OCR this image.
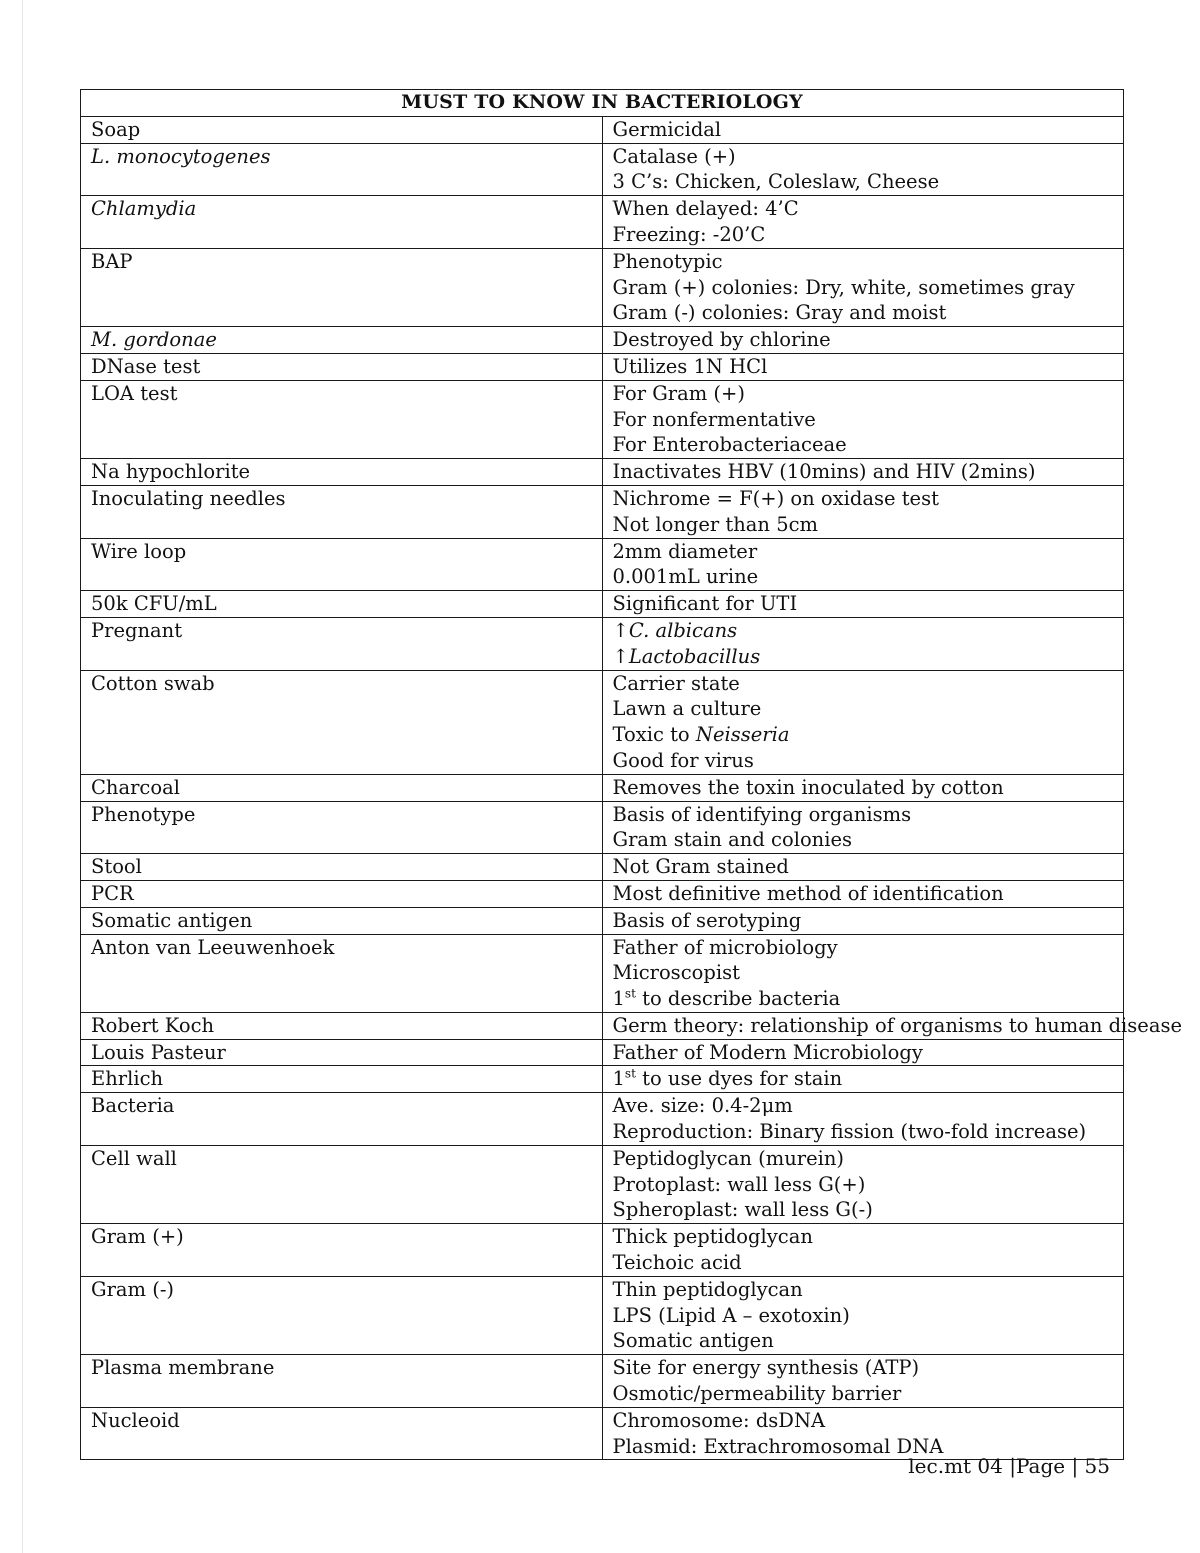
MUST TO KNOW IN BACTERIOLOGY	
Soap	Germicidal

L. monocytogenes	Catalase (+)
3 C’s: Chicken, Coleslaw, Cheese

Chlamydia	When delayed: 4’C
Freezing: -20’C

BAP	Phenotypic
Gram (+) colonies: Dry, white, sometimes gray
Gram (-) colonies: Gray and moist

M. gordonae	Destroyed by chlorine

DNase test	Utilizes 1N HCl

LOA test	For Gram (+)
For nonfermentative
For Enterobacteriaceae

Na hypochlorite	Inactivates HBV (10mins) and HIV (2mins)

Inoculating needles	Nichrome = F(+) on oxidase test
Not longer than 5cm

Wire loop	2mm diameter
0.001mL urine

50k CFU/mL	Significant for UTI

Pregnant	↑C. albicans
↑Lactobacillus

Cotton swab	Carrier state
Lawn a culture
Toxic to Neisseria
Good for virus

Charcoal	Removes the toxin inoculated by cotton

Phenotype	Basis of identifying organisms
Gram stain and colonies

Stool	Not Gram stained

PCR	Most definitive method of identification

Somatic antigen	Basis of serotyping

Anton van Leeuwenhoek	Father of microbiology
Microscopist
1st to describe bacteria

Robert Koch	Germ theory: relationship of organisms to human disease

Louis Pasteur	Father of Modern Microbiology

Ehrlich	1st to use dyes for stain

Bacteria	Ave. size: 0.4-2μm
Reproduction: Binary fission (two-fold increase)

Cell wall	Peptidoglycan (murein)
Protoplast: wall less G(+)
Spheroplast: wall less G(-)

Gram (+)	Thick peptidoglycan
Teichoic acid

Gram (-)	Thin peptidoglycan
LPS (Lipid A – exotoxin)
Somatic antigen

Plasma membrane	Site for energy synthesis (ATP)
Osmotic/permeability barrier

Nucleoid	Chromosome: dsDNA
Plasmid: Extrachromosomal DNA
lec.mt 04 |Page | 55
